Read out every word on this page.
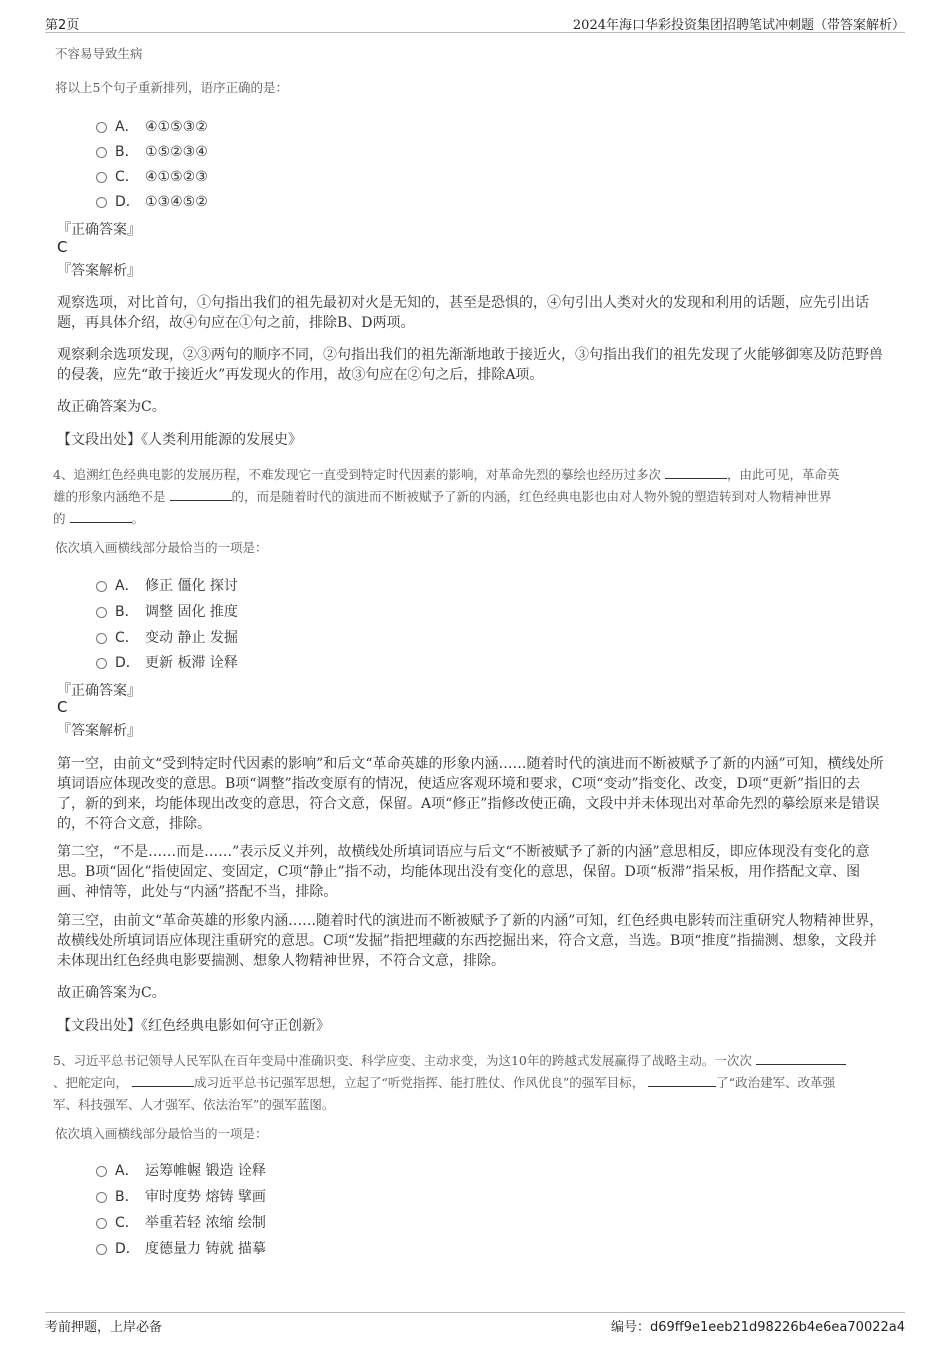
第2页	2024年海口华彩投资集团招聘笔试冲刺题（带答案解析）
不容易导致生病
将以上5个句子重新排列，语序正确的是：
A． ④①⑤③②
B． ①⑤②③④
C． ④①⑤②③
D． ①③④⑤②
『正确答案』
C
『答案解析』
观察选项，对比首句，①句指出我们的祖先最初对火是无知的，甚至是恐惧的，④句引出人类对火的发现和利用的话题，应先引出话题，再具体介绍，故④句应在①句之前，排除B、D两项。
观察剩余选项发现，②③两句的顺序不同，②句指出我们的祖先渐渐地敢于接近火，③句指出我们的祖先发现了火能够御寒及防范野兽的侵袭，应先“敢于接近火”再发现火的作用，故③句应在②句之后，排除A项。
故正确答案为C。
【文段出处】《人类利用能源的发展史》
4、追溯红色经典电影的发展历程，不难发现它一直受到特定时代因素的影响，对革命先烈的摹绘也经历过多次	，由此可见，革命英
雄的形象内涵绝不是	的，而是随着时代的演进而不断被赋予了新的内涵，红色经典电影也由对人物外貌的塑造转到对人物精神世界
的	。
依次填入画横线部分最恰当的一项是：
A． 修正 僵化 探讨
B． 调整 固化 推度
C． 变动 静止 发掘
D． 更新 板滞 诠释
『正确答案』
C
『答案解析』
第一空，由前文“受到特定时代因素的影响”和后文“革命英雄的形象内涵……随着时代的演进而不断被赋予了新的内涵”可知，横线处所填词语应体现改变的意思。B项“调整”指改变原有的情况，使适应客观环境和要求，C项“变动”指变化、改变，D项“更新”指旧的去了，新的到来，均能体现出改变的意思，符合文意，保留。A项“修正”指修改使正确，文段中并未体现出对革命先烈的摹绘原来是错误的，不符合文意，排除。
第二空，“不是……而是……”表示反义并列，故横线处所填词语应与后文“不断被赋予了新的内涵”意思相反，即应体现没有变化的意思。B项“固化”指使固定、变固定，C项“静止”指不动，均能体现出没有变化的意思，保留。D项“板滞”指呆板，用作搭配文章、图画、神情等，此处与“内涵”搭配不当，排除。
第三空，由前文“革命英雄的形象内涵……随着时代的演进而不断被赋予了新的内涵”可知，红色经典电影转而注重研究人物精神世界，故横线处所填词语应体现注重研究的意思。C项“发掘”指把埋藏的东西挖掘出来，符合文意，当选。B项“推度”指揣测、想象，文段并未体现出红色经典电影要揣测、想象人物精神世界，不符合文意，排除。
故正确答案为C。
【文段出处】《红色经典电影如何守正创新》
5、习近平总书记领导人民军队在百年变局中准确识变、科学应变、主动求变，为这10年的跨越式发展赢得了战略主动。一次次
、把舵定向，	成习近平总书记强军思想，立起了“听党指挥、能打胜仗、作风优良”的强军目标，	了“政治建军、改革强
军、科技强军、人才强军、依法治军”的强军蓝图。
依次填入画横线部分最恰当的一项是：
A． 运筹帷幄 锻造 诠释
B． 审时度势 熔铸 擘画
C． 举重若轻 浓缩 绘制
D． 度德量力 铸就 描摹
考前押题，上岸必备	编号：d69ff9e1eeb21d98226b4e6ea70022a4
